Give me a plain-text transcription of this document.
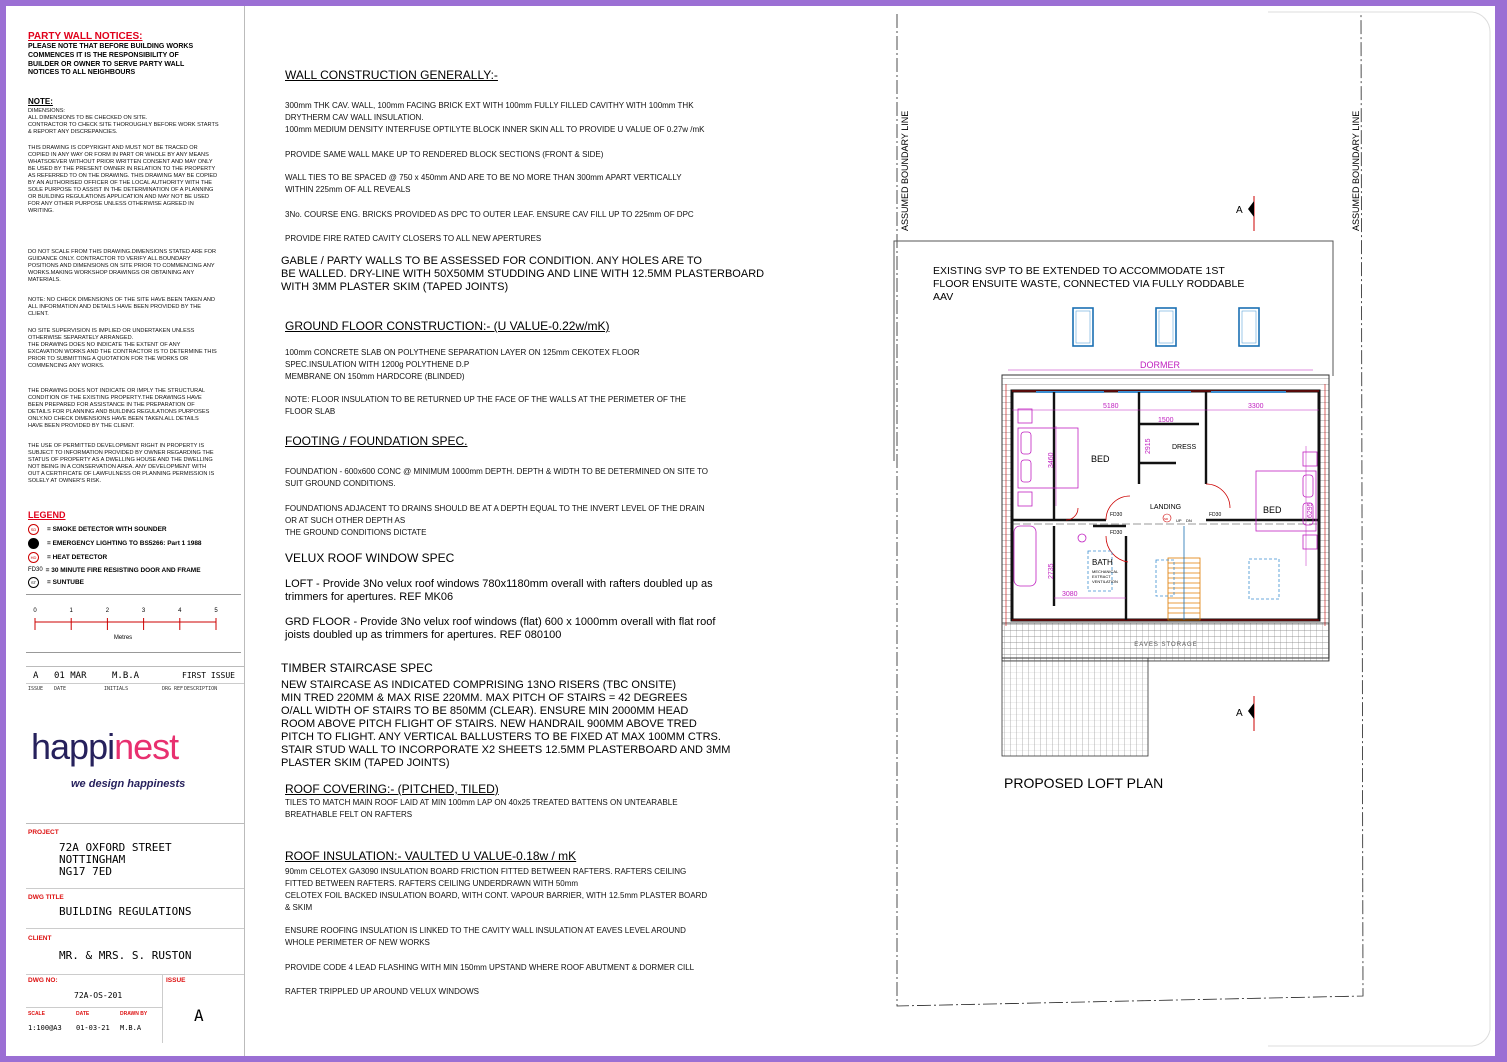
PARTY WALL NOTICES:
PLEASE NOTE THAT BEFORE BUILDING WORKS COMMENCES IT IS THE RESPONSIBILITY OF BUILDER OR OWNER TO SERVE PARTY WALL NOTICES TO ALL NEIGHBOURS
NOTE:
DIMENSIONS:
ALL DIMENSIONS TO BE CHECKED ON SITE.
CONTRACTOR TO CHECK SITE THOROUGHLY BEFORE WORK STARTS
& REPORT ANY DISCREPANCIES.
THIS DRAWING IS COPYRIGHT AND MUST NOT BE TRACED OR
COPIED IN ANY WAY OR FORM IN PART OR WHOLE BY ANY MEANS
WHATSOEVER WITHOUT PRIOR WRITTEN CONSENT AND MAY ONLY
BE USED BY THE PRESENT OWNER IN RELATION TO THE PROPERTY
AS REFERRED TO ON THE DRAWING. THIS DRAWING MAY BE COPIED
BY AN AUTHORISED OFFICER OF THE LOCAL AUTHORITY WITH THE
SOLE PURPOSE TO ASSIST IN THE DETERMINATION OF A PLANNING
OR BUILDING REGULATIONS APPLICATION AND MAY NOT BE USED
FOR ANY OTHER PURPOSE UNLESS OTHERWISE AGREED IN
WRITING.
DO NOT SCALE FROM THIS DRAWING.DIMENSIONS STATED ARE FOR
GUIDANCE ONLY. CONTRACTOR TO VERIFY ALL BOUNDARY
POSITIONS AND DIMENSIONS ON SITE PRIOR TO COMMENCING ANY
WORKS.MAKING WORKSHOP DRAWINGS OR OBTAINING ANY
MATERIALS.
NOTE: NO CHECK DIMENSIONS OF THE SITE HAVE BEEN TAKEN AND
ALL INFORMATION AND DETAILS HAVE BEEN PROVIDED BY THE
CLIENT.
NO SITE SUPERVISION IS IMPLIED OR UNDERTAKEN UNLESS
OTHERWISE SEPARATELY ARRANGED.
THE DRAWING DOES NO INDICATE THE EXTENT OF ANY
EXCAVATION WORKS AND THE CONTRACTOR IS TO DETERMINE THIS
PRIOR TO SUBMITTING A QUOTATION FOR THE WORKS OR
COMMENCING ANY WORKS.
THE DRAWING DOES NOT INDICATE OR IMPLY THE STRUCTURAL
CONDITION OF THE EXISTING PROPERTY.THE DRAWINGS HAVE
BEEN PREPARED FOR ASSISTANCE IN THE PREPARATION OF
DETAILS FOR PLANNING AND BUILDING REGULATIONS PURPOSES
ONLY.NO CHECK DIMENSIONS HAVE BEEN TAKEN.ALL DETAILS
HAVE BEEN PROVIDED BY THE CLIENT.
THE USE OF PERMITTED DEVELOPMENT RIGHT IN PROPERTY IS
SUBJECT TO INFORMATION PROVIDED BY OWNER REGARDING THE
STATUS OF PROPERTY AS A DWELLING HOUSE AND THE DWELLING
NOT BEING IN A CONSERVATION AREA. ANY DEVELOPMENT WITH
OUT A CERTIFICATE OF LAWFULNESS OR PLANNING PERMISSION IS
SOLELY AT OWNER'S RISK.
LEGEND
SD	= SMOKE DETECTOR WITH SOUNDER
= EMERGENCY LIGHTING TO BS5266: Part 1 1988
HD	= HEAT DETECTOR
FD30 = 30 MINUTE FIRE RESISTING DOOR AND FRAME
ST	= SUNTUBE
0	1	2	3	4	5
Metres
A 01 MAR	M.B.A	FIRST ISSUE
ISSUE DATE	INITIALS	DRG REF DESCRIPTION
happinest
we design happinests
PROJECT
72A OXFORD STREET
NOTTINGHAM
NG17 7ED
DWG TITLE
BUILDING REGULATIONS
CLIENT
MR. & MRS. S. RUSTON
DWG NO:	ISSUE
72A-OS-201
A
SCALE	DATE	DRAWN BY
1:100@A3 01-03-21 M.B.A
WALL CONSTRUCTION GENERALLY:-
300mm THK CAV. WALL, 100mm FACING BRICK EXT WITH 100mm FULLY FILLED CAVITHY WITH 100mm THK
DRYTHERM CAV WALL INSULATION.
100mm MEDIUM DENSITY INTERFUSE OPTILYTE BLOCK INNER SKIN ALL TO PROVIDE U VALUE OF 0.27w /mK
PROVIDE SAME WALL MAKE UP TO RENDERED BLOCK SECTIONS (FRONT & SIDE)
WALL TIES TO BE SPACED @ 750 x 450mm AND ARE TO BE NO MORE THAN 300mm APART VERTICALLY
WITHIN 225mm OF ALL REVEALS
3No. COURSE ENG. BRICKS PROVIDED AS DPC TO OUTER LEAF. ENSURE CAV FILL UP TO 225mm OF DPC
PROVIDE FIRE RATED CAVITY CLOSERS TO ALL NEW APERTURES
GABLE / PARTY WALLS TO BE ASSESSED FOR CONDITION. ANY HOLES ARE TO
BE WALLED. DRY-LINE WITH 50X50MM STUDDING AND LINE WITH 12.5MM PLASTERBOARD
WITH 3MM PLASTER SKIM (TAPED JOINTS)
GROUND FLOOR CONSTRUCTION:- (U VALUE-0.22w/mK)
100mm CONCRETE SLAB ON POLYTHENE SEPARATION LAYER ON 125mm CEKOTEX FLOOR
SPEC.INSULATION WITH 1200g POLYTHENE D.P
MEMBRANE ON 150mm HARDCORE (BLINDED)
NOTE: FLOOR INSULATION TO BE RETURNED UP THE FACE OF THE WALLS AT THE PERIMETER OF THE
FLOOR SLAB
FOOTING / FOUNDATION SPEC.
FOUNDATION - 600x600 CONC @ MINIMUM 1000mm DEPTH. DEPTH & WIDTH TO BE DETERMINED ON SITE TO
SUIT GROUND CONDITIONS.
FOUNDATIONS ADJACENT TO DRAINS SHOULD BE AT A DEPTH EQUAL TO THE INVERT LEVEL OF THE DRAIN
OR AT SUCH OTHER DEPTH AS
THE GROUND CONDITIONS DICTATE
VELUX ROOF WINDOW SPEC
LOFT - Provide 3No velux roof windows 780x1180mm overall with rafters doubled up as
trimmers for apertures. REF MK06
GRD FLOOR - Provide 3No velux roof windows (flat) 600 x 1000mm overall with flat roof
joists doubled up as trimmers for apertures. REF 080100
TIMBER STAIRCASE SPEC
NEW STAIRCASE AS INDICATED COMPRISING 13NO RISERS (TBC ONSITE)
MIN TRED 220MM & MAX RISE 220MM. MAX PITCH OF STAIRS = 42 DEGREES
O/ALL WIDTH OF STAIRS TO BE 850MM (CLEAR). ENSURE MIN 2000MM HEAD
ROOM ABOVE PITCH FLIGHT OF STAIRS. NEW HANDRAIL 900MM ABOVE TRED
PITCH TO FLIGHT. ANY VERTICAL BALLUSTERS TO BE FIXED AT MAX 100MM CTRS.
STAIR STUD WALL TO INCORPORATE X2 SHEETS 12.5MM PLASTERBOARD AND 3MM
PLASTER SKIM (TAPED JOINTS)
ROOF COVERING:- (PITCHED, TILED)
TILES TO MATCH MAIN ROOF LAID AT MIN 100mm LAP ON 40x25 TREATED BATTENS ON UNTEARABLE
BREATHABLE FELT ON RAFTERS
ROOF INSULATION:- VAULTED U VALUE-0.18w / mK
90mm CELOTEX GA3090 INSULATION BOARD FRICTION FITTED BETWEEN RAFTERS. RAFTERS CEILING
FITTED BETWEEN RAFTERS. RAFTERS CEILING UNDERDRAWN WITH 50mm
CELOTEX FOIL BACKED INSULATION BOARD, WITH CONT. VAPOUR BARRIER, WITH 12.5mm PLASTER BOARD
& SKIM
ENSURE ROOFING INSULATION IS LINKED TO THE CAVITY WALL INSULATION AT EAVES LEVEL AROUND
WHOLE PERIMETER OF NEW WORKS
PROVIDE CODE 4 LEAD FLASHING WITH MIN 150mm UPSTAND WHERE ROOF ABUTMENT & DORMER CILL
RAFTER TRIPPLED UP AROUND VELUX WINDOWS
ASSUMED BOUNDARY LINE	ASSUMED BOUNDARY LINE
EXISTING SVP TO BE EXTENDED TO ACCOMMODATE 1ST FLOOR ENSUITE WASTE, CONNECTED VIA FULLY RODDABLE AAV
DORMER
A
A
EAVES STORAGE
UP DN
BED
BED
DRESS
LANDING
BATH
MECHANICAL EXTRACT VENTILATION
FD30	FD30
FD30
SD
5180
1500
3300
3460
2915
6295
2735
3080
PROPOSED LOFT PLAN
